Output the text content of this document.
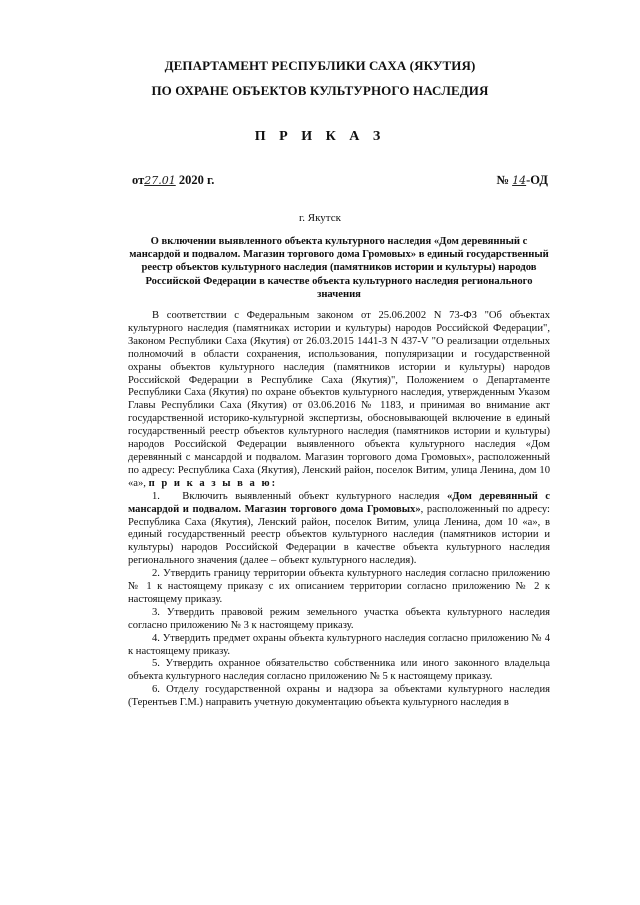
ДЕПАРТАМЕНТ РЕСПУБЛИКИ САХА (ЯКУТИЯ)
ПО ОХРАНЕ ОБЪЕКТОВ КУЛЬТУРНОГО НАСЛЕДИЯ
П Р И К А З
от27.01 2020 г.	№ 14-ОД
г. Якутск
О включении выявленного объекта культурного наследия «Дом деревянный с мансардой и подвалом. Магазин торгового дома Громовых» в единый государственный реестр объектов культурного наследия (памятников истории и культуры) народов Российской Федерации в качестве объекта культурного наследия регионального значения

В соответствии с Федеральным законом от 25.06.2002 N 73-ФЗ "Об объектах культурного наследия (памятниках истории и культуры) народов Российской Федерации", Законом Республики Саха (Якутия) от 26.03.2015 1441-З N 437-V "О реализации отдельных полномочий в области сохранения, использования, популяризации и государственной охраны объектов культурного наследия (памятников истории и культуры) народов Российской Федерации в Республике Саха (Якутия)", Положением о Департаменте Республики Саха (Якутия) по охране объектов культурного наследия, утвержденным Указом Главы Республики Саха (Якутия) от 03.06.2016 № 1183, и принимая во внимание акт государственной историко-культурной экспертизы, обосновывающей включение в единый государственный реестр объектов культурного наследия (памятников истории и культуры) народов Российской Федерации выявленного объекта культурного наследия «Дом деревянный с мансардой и подвалом. Магазин торгового дома Громовых», расположенный по адресу: Республика Саха (Якутия), Ленский район, поселок Витим, улица Ленина, дом 10 «а», п р и к а з ы в а ю:

1. Включить выявленный объект культурного наследия «Дом деревянный с мансардой и подвалом. Магазин торгового дома Громовых», расположенный по адресу: Республика Саха (Якутия), Ленский район, поселок Витим, улица Ленина, дом 10 «а», в единый государственный реестр объектов культурного наследия (памятников истории и культуры) народов Российской Федерации в качестве объекта культурного наследия регионального значения (далее – объект культурного наследия).

2. Утвердить границу территории объекта культурного наследия согласно приложению № 1 к настоящему приказу с их описанием территории согласно приложению № 2 к настоящему приказу.

3. Утвердить правовой режим земельного участка объекта культурного наследия согласно приложению № 3 к настоящему приказу.

4. Утвердить предмет охраны объекта культурного наследия согласно приложению № 4 к настоящему приказу.

5. Утвердить охранное обязательство собственника или иного законного владельца объекта культурного наследия согласно приложению № 5 к настоящему приказу.

6. Отделу государственной охраны и надзора за объектами культурного наследия (Терентьев Г.М.) направить учетную документацию объекта культурного наследия в
